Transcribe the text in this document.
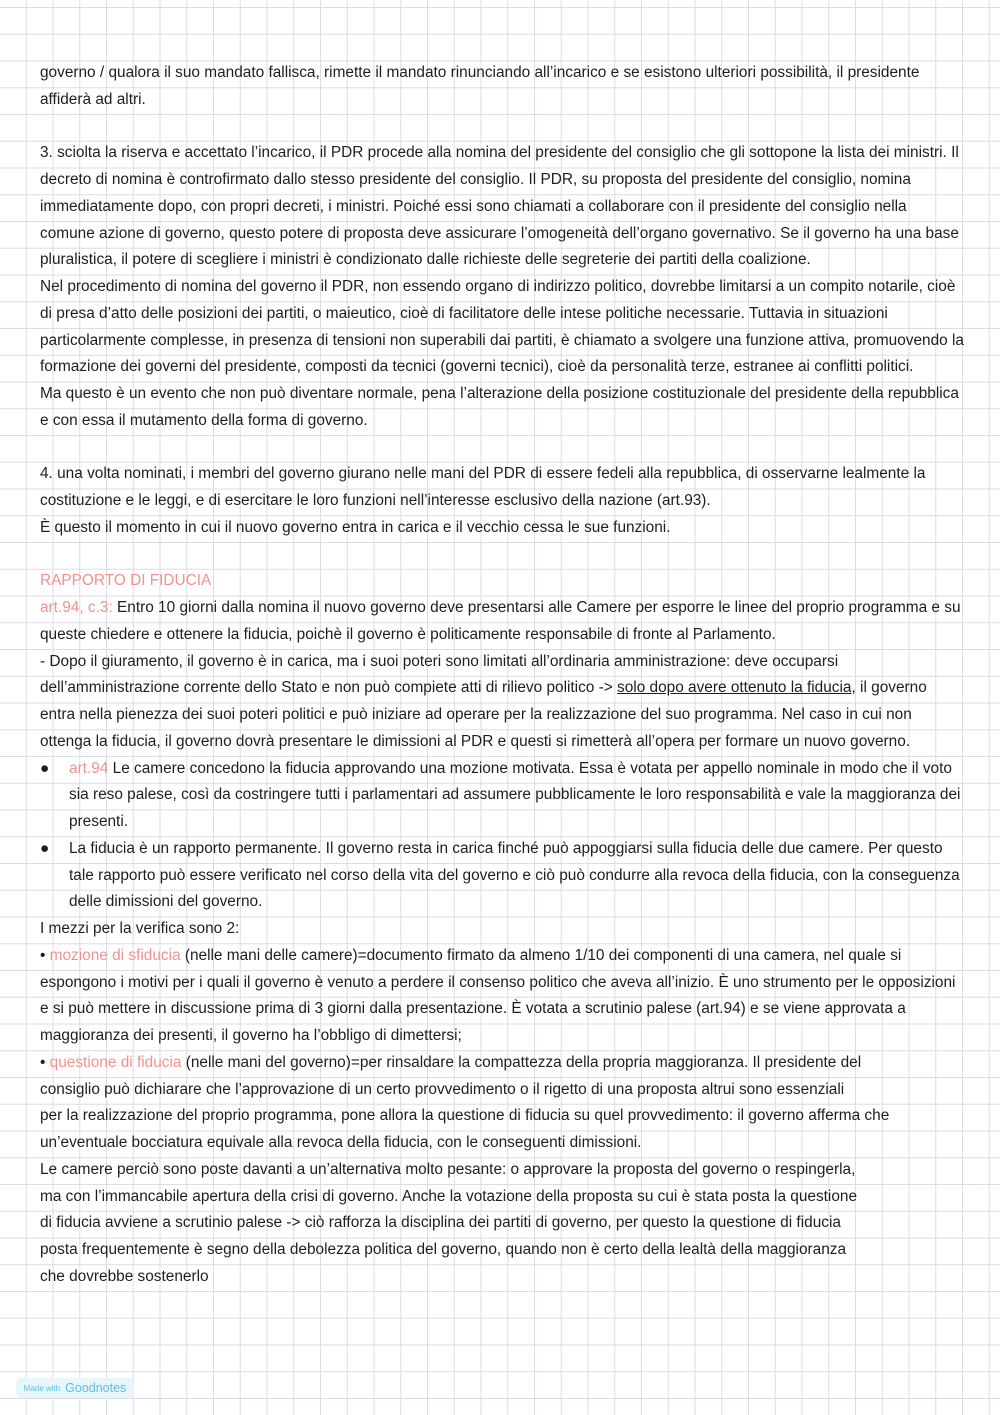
governo / qualora il suo mandato fallisca, rimette il mandato rinunciando all’incarico e se esistono ulteriori possibilità, il presidente affiderà ad altri.

3. sciolta la riserva e accettato l’incarico, il PDR procede alla nomina del presidente del consiglio che gli sottopone la lista dei ministri. Il decreto di nomina è controfirmato dallo stesso presidente del consiglio. Il PDR, su proposta del presidente del consiglio, nomina immediatamente dopo, con propri decreti, i ministri. Poiché essi sono chiamati a collaborare con il presidente del consiglio nella comune azione di governo, questo potere di proposta deve assicurare l’omogeneità dell’organo governativo. Se il governo ha una base pluralistica, il potere di scegliere i ministri è condizionato dalle richieste delle segreterie dei partiti della coalizione.

Nel procedimento di nomina del governo il PDR, non essendo organo di indirizzo politico, dovrebbe limitarsi a un compito notarile, cioè di presa d’atto delle posizioni dei partiti, o maieutico, cioè di facilitatore delle intese politiche necessarie. Tuttavia in situazioni particolarmente complesse, in presenza di tensioni non superabili dai partiti, è chiamato a svolgere una funzione attiva, promuovendo la formazione dei governi del presidente, composti da tecnici (governi tecnici), cioè da personalità terze, estranee ai conflitti politici.

Ma questo è un evento che non può diventare normale, pena l’alterazione della posizione costituzionale del presidente della repubblica e con essa il mutamento della forma di governo.

4. una volta nominati, i membri del governo giurano nelle mani del PDR di essere fedeli alla repubblica, di osservarne lealmente la costituzione e le leggi, e di esercitare le loro funzioni nell’interesse esclusivo della nazione (art.93).

È questo il momento in cui il nuovo governo entra in carica e il vecchio cessa le sue funzioni.

RAPPORTO DI FIDUCIA

art.94, c.3: Entro 10 giorni dalla nomina il nuovo governo deve presentarsi alle Camere per esporre le linee del proprio programma e su queste chiedere e ottenere la fiducia, poichè il governo è politicamente responsabile di fronte al Parlamento.

- Dopo il giuramento, il governo è in carica, ma i suoi poteri sono limitati all’ordinaria amministrazione: deve occuparsi dell’amministrazione corrente dello Stato e non può compiete atti di rilievo politico -> solo dopo avere ottenuto la fiducia, il governo entra nella pienezza dei suoi poteri politici e può iniziare ad operare per la realizzazione del suo programma. Nel caso in cui non ottenga la fiducia, il governo dovrà presentare le dimissioni al PDR e questi si rimetterà all’opera per formare un nuovo governo.

●	art.94 Le camere concedono la fiducia approvando una mozione motivata. Essa è votata per appello nominale in modo che il voto sia reso palese, così da costringere tutti i parlamentari ad assumere pubblicamente le loro responsabilità e vale la maggioranza dei presenti.
●	La fiducia è un rapporto permanente. Il governo resta in carica finché può appoggiarsi sulla fiducia delle due camere. Per questo tale rapporto può essere verificato nel corso della vita del governo e ciò può condurre alla revoca della fiducia, con la conseguenza delle dimissioni del governo.

I mezzi per la verifica sono 2:

• mozione di sfiducia (nelle mani delle camere)=documento firmato da almeno 1/10 dei componenti di una camera, nel quale si espongono i motivi per i quali il governo è venuto a perdere il consenso politico che aveva all’inizio. È uno strumento per le opposizioni e si può mettere in discussione prima di 3 giorni dalla presentazione. È votata a scrutinio palese (art.94) e se viene approvata a maggioranza dei presenti, il governo ha l’obbligo di dimettersi;

• questione di fiducia (nelle mani del governo)=per rinsaldare la compattezza della propria maggioranza. Il presidente del

consiglio può dichiarare che l’approvazione di un certo provvedimento o il rigetto di una proposta altrui sono essenziali

per la realizzazione del proprio programma, pone allora la questione di fiducia su quel provvedimento: il governo afferma che

un’eventuale bocciatura equivale alla revoca della fiducia, con le conseguenti dimissioni.

Le camere perciò sono poste davanti a un’alternativa molto pesante: o approvare la proposta del governo o respingerla,

ma con l’immancabile apertura della crisi di governo. Anche la votazione della proposta su cui è stata posta la questione

di fiducia avviene a scrutinio palese -> ciò rafforza la disciplina dei partiti di governo, per questo la questione di fiducia

posta frequentemente è segno della debolezza politica del governo, quando non è certo della lealtà della maggioranza

che dovrebbe sostenerlo

Made with Goodnotes
